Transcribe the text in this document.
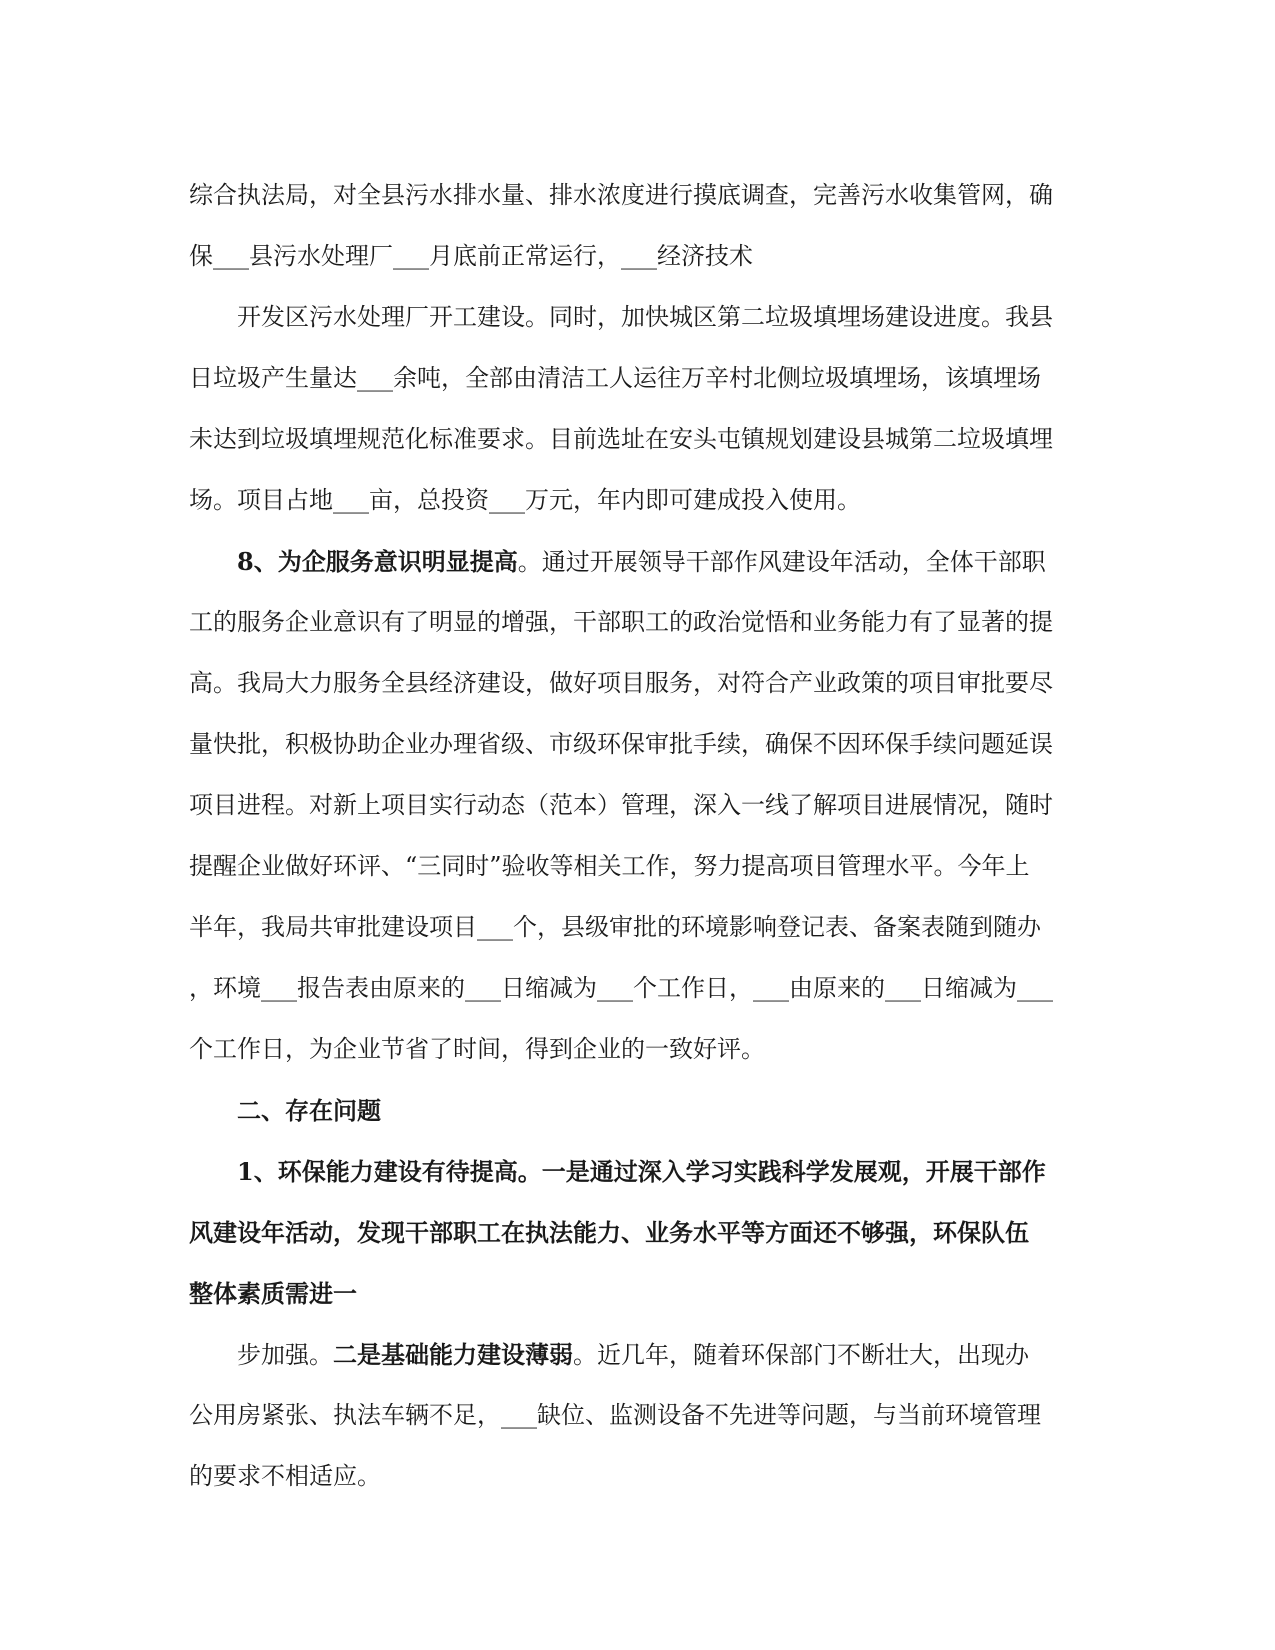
综合执法局，对全县污水排水量、排水浓度进行摸底调查，完善污水收集管网，确
保___县污水处理厂___月底前正常运行，___经济技术
开发区污水处理厂开工建设。同时，加快城区第二垃圾填埋场建设进度。我县
日垃圾产生量达___余吨，全部由清洁工人运往万辛村北侧垃圾填埋场，该填埋场
未达到垃圾填埋规范化标准要求。目前选址在安头屯镇规划建设县城第二垃圾填埋
场。项目占地___亩，总投资___万元，年内即可建成投入使用。
8、为企服务意识明显提高。通过开展领导干部作风建设年活动，全体干部职
工的服务企业意识有了明显的增强，干部职工的政治觉悟和业务能力有了显著的提
高。我局大力服务全县经济建设，做好项目服务，对符合产业政策的项目审批要尽
量快批，积极协助企业办理省级、市级环保审批手续，确保不因环保手续问题延误
项目进程。对新上项目实行动态（范本）管理，深入一线了解项目进展情况，随时
提醒企业做好环评、“三同时”验收等相关工作，努力提高项目管理水平。今年上
半年，我局共审批建设项目___个，县级审批的环境影响登记表、备案表随到随办
，环境___报告表由原来的___日缩减为___个工作日，___由原来的___日缩减为___
个工作日，为企业节省了时间，得到企业的一致好评。
二、存在问题
1、环保能力建设有待提高。一是通过深入学习实践科学发展观，开展干部作
风建设年活动，发现干部职工在执法能力、业务水平等方面还不够强，环保队伍
整体素质需进一
步加强。二是基础能力建设薄弱。近几年，随着环保部门不断壮大，出现办
公用房紧张、执法车辆不足，___缺位、监测设备不先进等问题，与当前环境管理
的要求不相适应。
